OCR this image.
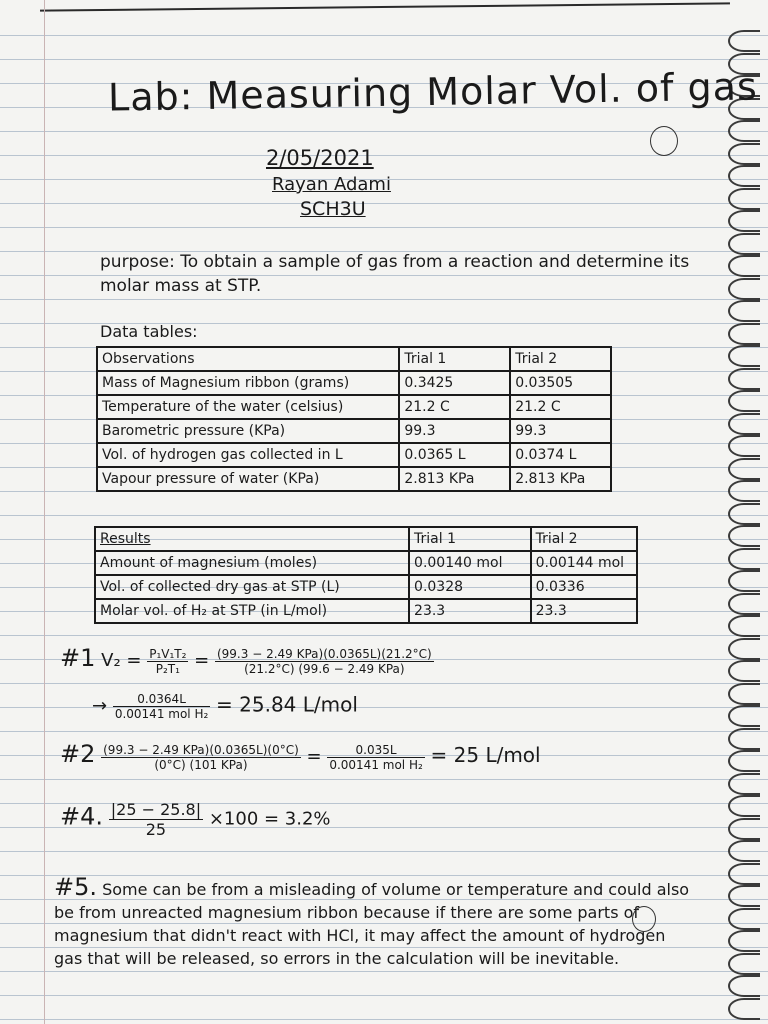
Lab: Measuring Molar Vol. of gas
2/05/2021
Rayan Adami
SCH3U
purpose: To obtain a sample of gas from a reaction and determine its molar mass at STP.
Data tables:
Observations	Trial 1	Trial 2
Mass of Magnesium ribbon (grams)	0.3425	0.03505
Temperature of the water (celsius)	21.2 C	21.2 C
Barometric pressure (KPa)	99.3	99.3
Vol. of hydrogen gas collected in L	0.0365 L	0.0374 L
Vapour pressure of water (KPa)	2.813 KPa	2.813 KPa
Results	Trial 1	Trial 2
Amount of magnesium (moles)	0.00140 mol	0.00144 mol
Vol. of collected dry gas at STP (L)	0.0328	0.0336
Molar vol. of H₂ at STP (in L/mol)	23.3	23.3
#1 $V_2 = \frac{\text{P₁V₁T₂}}{\text{P₂T₁}} = \frac{\text{(99.3 − 2.49 KPa)(0.0365L)(21.2°C)}}{\text{(21.2°C) (99.6 − 2.49 KPa)}}$
→ $\frac{0.0364L}{\text{0.00141 mol H₂}} = 25.84$ L/mol
#2 $\frac{\text{(99.3 − 2.49 KPa)(0.0365L)(0°C)}}{\text{(0°C) (101 KPa)}} = \frac{0.035L}{\text{0.00141 mol H₂}} = 25$ L/mol
#4. $\frac{|25 - 25.8|}{25} \times 100 = 3.2\%$
#5. Some can be from a misleading of volume or temperature and could also be from unreacted magnesium ribbon because if there are some parts of magnesium that didn't react with HCl, it may affect the amount of hydrogen gas that will be released, so errors in the calculation will be inevitable.
